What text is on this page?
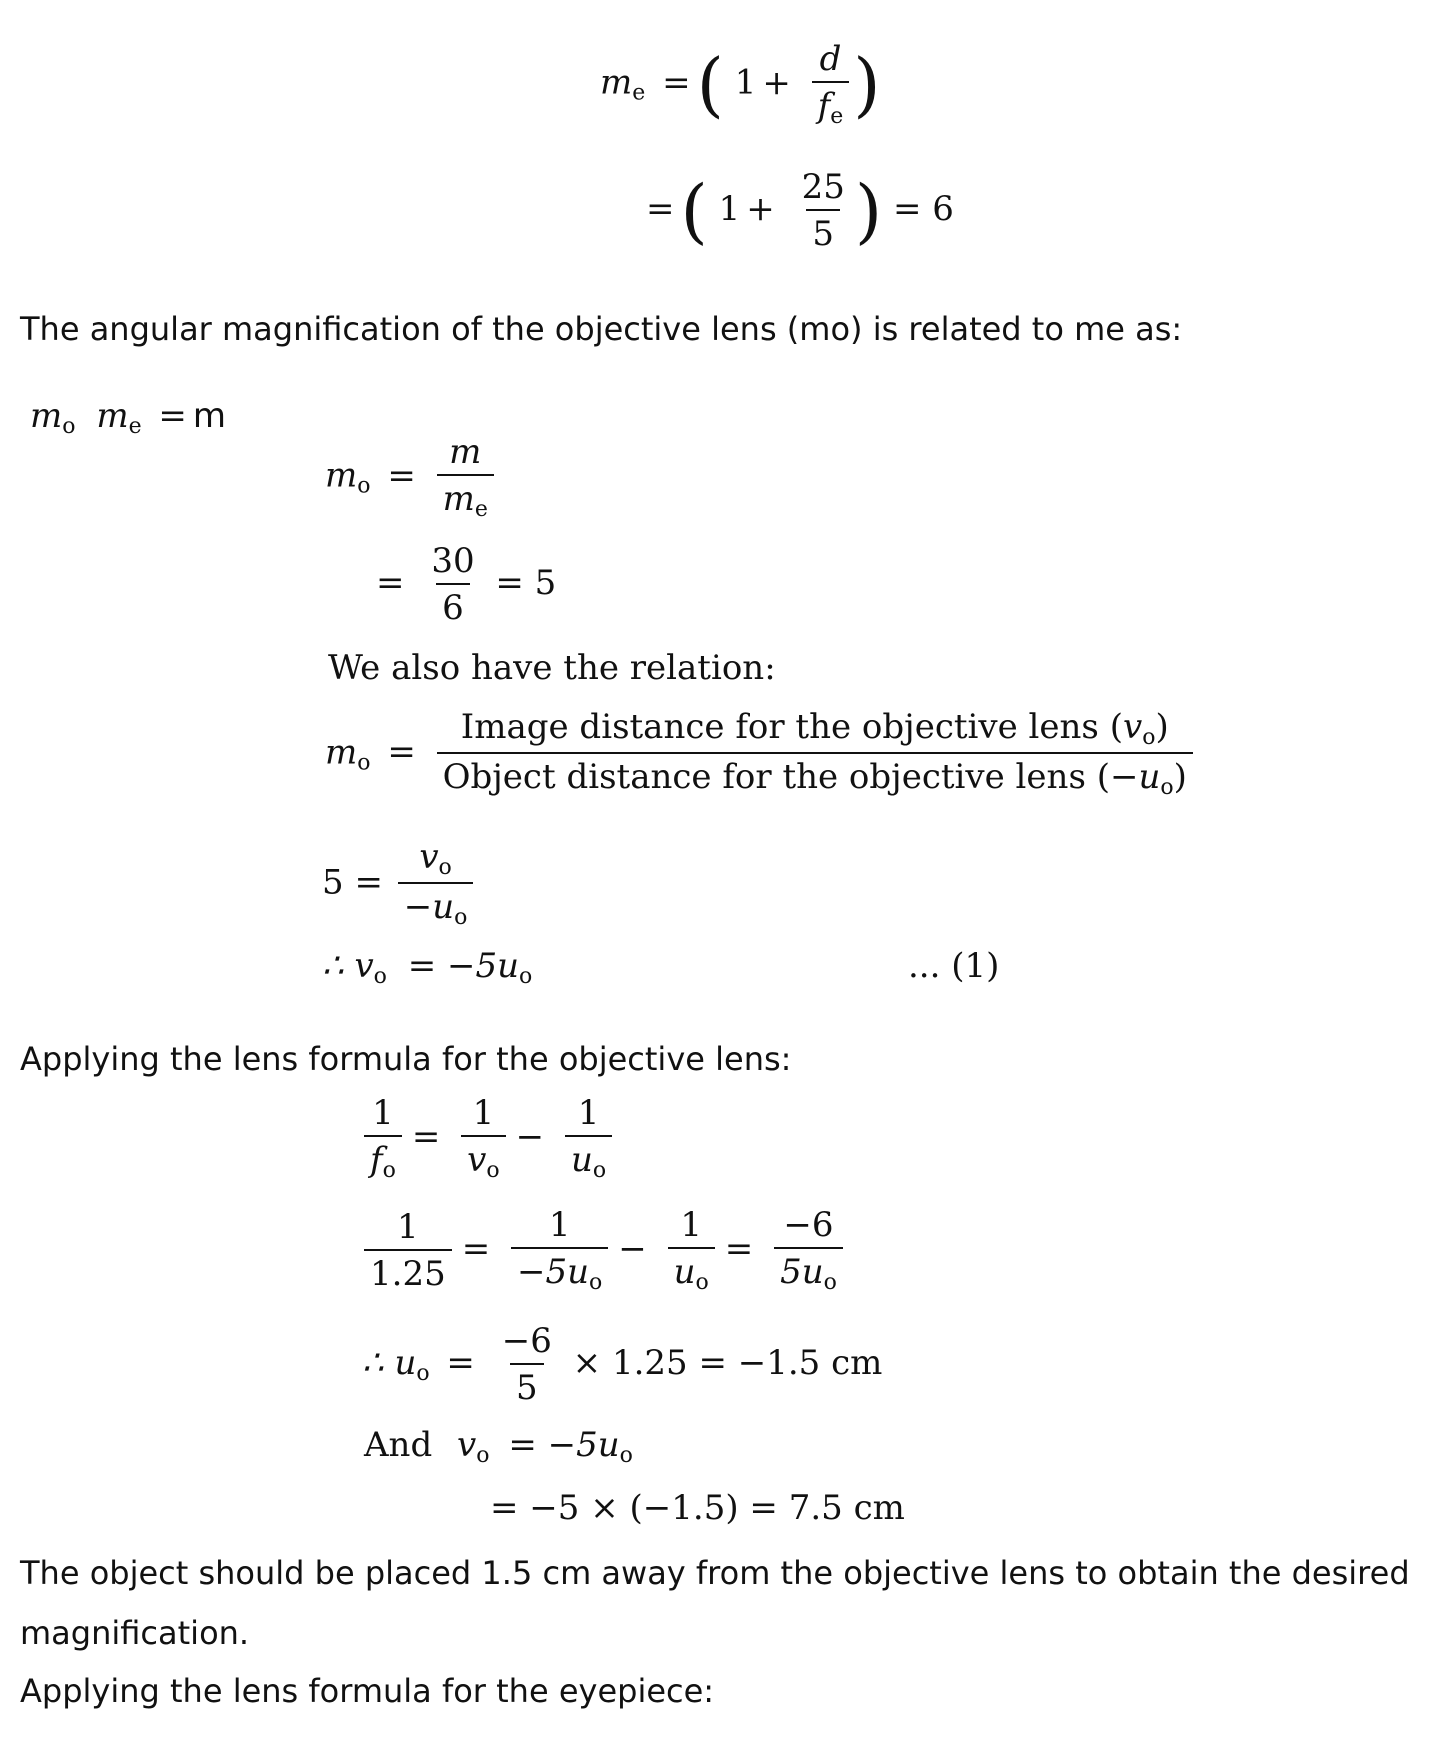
$m_e$ =( $1 + \frac{d}{f_e}$ )
=( $1 + \frac{25}{5}$ ) = 6
The angular magnification of the objective lens (mo) is related to me as:
$m_o$ $m_e = m$
$m_o = \frac{m}{m_e}$
= $\frac{30}{6} = 5$
We also have the relation:
$m_o = \frac{Image distance for the objective lens (v_o)}{Object distance for the objective lens (-u_o)}$
$5 = \frac{v_o}{-u_o}$
∴ $v_o = -5u_o$	... (1)
Applying the lens formula for the objective lens:
$\frac{1}{f_o} = \frac{1}{v_o} - \frac{1}{u_o}$
$\frac{1}{1.25} = \frac{1}{-5u_o} - \frac{1}{u_o} = \frac{-6}{5u_o}$
∴ $u_o = \frac{-6}{5} \times 1.25 = -1.5$ cm
And $v_o = -5u_o$
= −5 × (−1.5) = 7.5 cm
The object should be placed 1.5 cm away from the objective lens to obtain the desired
magnification.
Applying the lens formula for the eyepiece:
